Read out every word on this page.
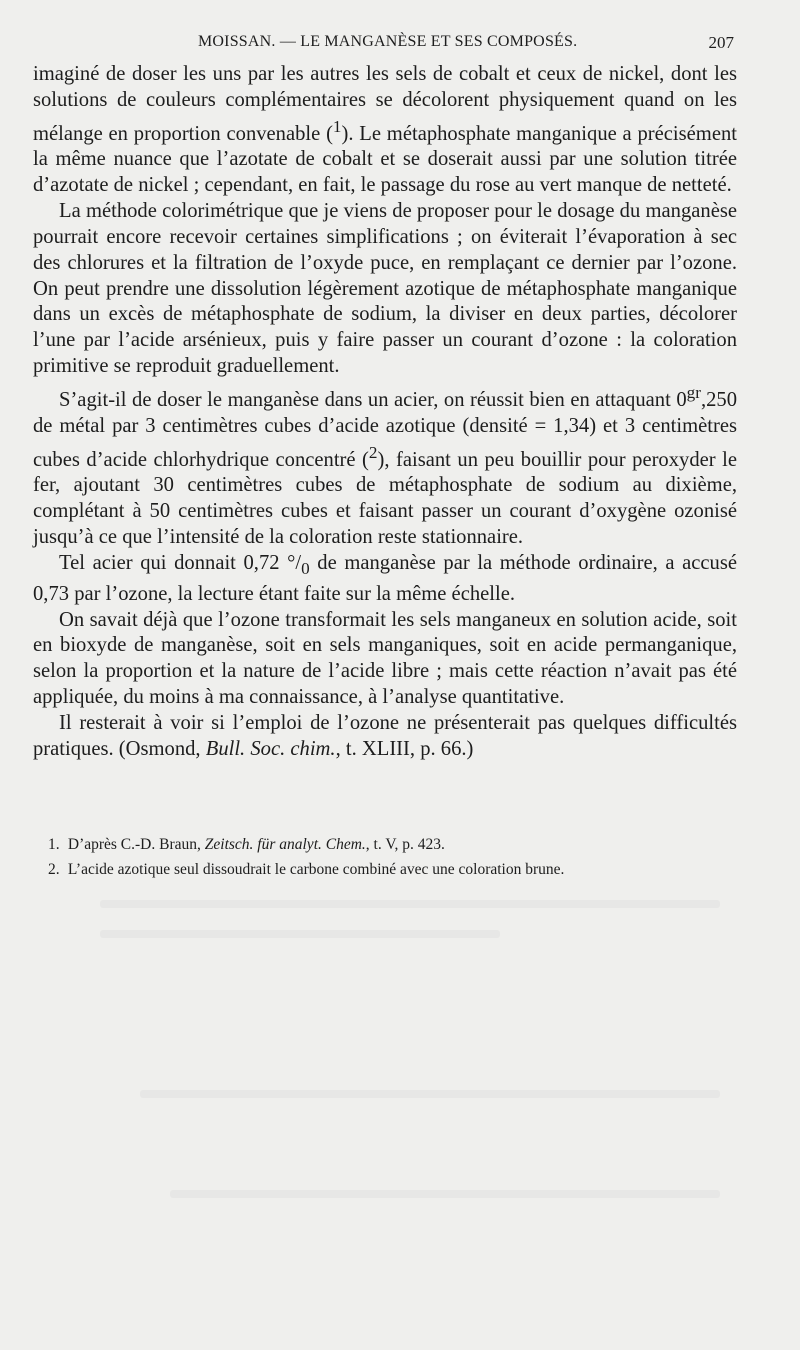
MOISSAN. — LE MANGANÈSE ET SES COMPOSÉS.	207

imaginé de doser les uns par les autres les sels de cobalt et ceux de nickel, dont les solutions de couleurs complémentaires se décolorent physiquement quand on les mélange en proportion convenable ($^1$). Le métaphosphate manganique a précisément la même nuance que l’azotate de cobalt et se doserait aussi par une solution titrée d’azotate de nickel ; cependant, en fait, le passage du rose au vert manque de netteté.

La méthode colorimétrique que je viens de proposer pour le dosage du manganèse pourrait encore recevoir certaines simplifications ; on éviterait l’évaporation à sec des chlorures et la filtration de l’oxyde puce, en remplaçant ce dernier par l’ozone. On peut prendre une dissolution légèrement azotique de métaphosphate manganique dans un excès de métaphosphate de sodium, la diviser en deux parties, décolorer l’une par l’acide arsénieux, puis y faire passer un courant d’ozone : la coloration primitive se reproduit graduellement.

S’agit-il de doser le manganèse dans un acier, on réussit bien en attaquant $0^{gr},250$ de métal par 3 centimètres cubes d’acide azotique (densité = 1,34) et 3 centimètres cubes d’acide chlorhydrique concentré ($^2$), faisant un peu bouillir pour peroxyder le fer, ajoutant 30 centimètres cubes de métaphosphate de sodium au dixième, complétant à 50 centimètres cubes et faisant passer un courant d’oxygène ozonisé jusqu’à ce que l’intensité de la coloration reste stationnaire.

Tel acier qui donnait 0,72 $^\circ/_0$ de manganèse par la méthode ordinaire, a accusé 0,73 par l’ozone, la lecture étant faite sur la même échelle.

On savait déjà que l’ozone transformait les sels manganeux en solution acide, soit en bioxyde de manganèse, soit en sels manganiques, soit en acide permanganique, selon la proportion et la nature de l’acide libre ; mais cette réaction n’avait pas été appliquée, du moins à ma connaissance, à l’analyse quantitative.

Il resterait à voir si l’emploi de l’ozone ne présenterait pas quelques difficultés pratiques. (Osmond, Bull. Soc. chim., t. XLIII, p. 66.)

1. D’après C.-D. Braun, Zeitsch. für analyt. Chem., t. V, p. 423.
2. L’acide azotique seul dissoudrait le carbone combiné avec une coloration brune.
